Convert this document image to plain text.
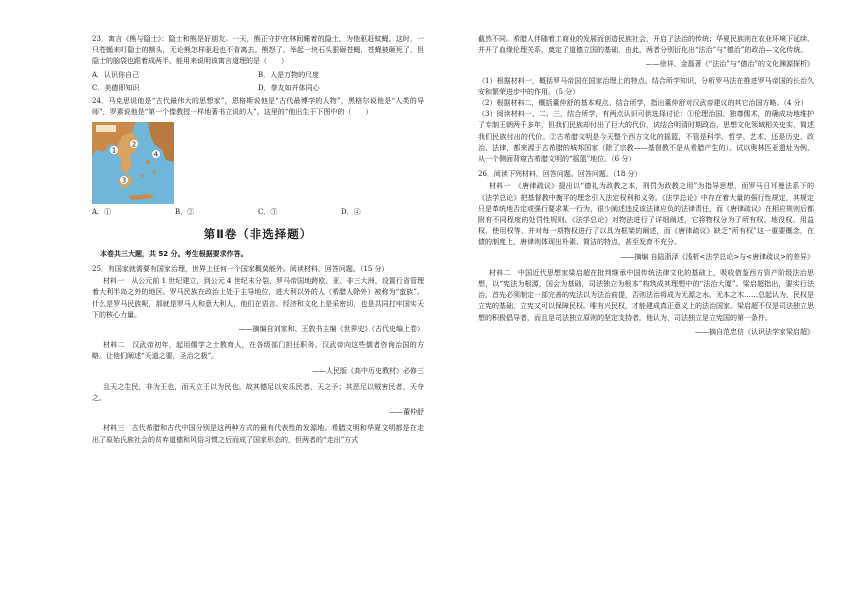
23．寓言《熊与隐士》：隐士和熊是好朋友。一天，熊正守护在林间睡着的隐士，为他驱赶蚊蝇。这时，一只苍蝇来叮隐士的额头，无论熊怎样驱赶也不肯离去。熊怒了，举起一块石头狠砸苍蝇，苍蝇被砸死了，但隐士的脑袋也跟着成两半。能用来说明该寓言道理的是（　　）

A．认识你自己	B．人是万物的尺度
C．美德即知识	D．拳友如并体同心

24．马克思说他是“古代最伟大的思想家”，恩格斯说他是“古代最博学的人物”，黑格尔说他是“人类的导师”，罗素说他是“第一个像教授一样地著书立说的人”。这里的“他出生于下图中的（　　）

1
2
3
4
A．①	B．②	C．③	D．④
第Ⅱ卷（非选择题）
本卷共三大题，共 52 分。考生根据要求作答。

25．有国家就需要有国家治理，世界上任何一个国家概莫能外。阅读材料，回答问题。（15 分）

材料一　从公元前 1 世纪建立，到公元 4 世纪末分裂，罗马帝国地跨欧、亚、非三大洲，设置行省管理着大利半岛之外的地区。罗马民族在政治上处于主导地位，进大利以外的人（希腊人除外）被称为“蛮族”。什么是罗马民族呢，那就是罗马人和意大利人，他们在语言、经济和文化上是采密切，也是共同打牢国实天下的核心力量。

——摘编自刘家和、王敦书主编《世界史》（古代史编上卷）

材料二　汉武帝初年，起用儒学之士教育人，在各级部门担任职务。汉武帝向这些儒者咨询治国的方略。让他们阐述“天道之要，圣治之极”。

——人民版《高中历史教材》必修三

且天之生民，非为王也，而天立王以为民也。故其德足以安乐民者，天之予；其恶足以贼害民者，天夺之。

——董仲舒

材料三　古代希腊和古代中国分别是这两种方式的最有代表性的发源地。希腊文明和华夏文明都是在走出了原始氏族社会的贫弃道德和风俗习惯之后而成了国家形态的，但两者的“走出”方式

截然不同。希腊人伴随着工商业的发展而创造民族社会，开启了法治的传统；华夏民族则在农业环境下延续、并开了血缘伦理关系，奠定了道德立国的基础，由此，两者分别衍化出“法治”与“德治”的政治—文化传统。

——徐祥、金磊著《“法治”与“德治”的文化渊源探析》

（1）根据材料一，概括罗马帝国在国家治理上的特点。结合所学知识，分析罗马法在推进罗马帝国的长治久安和繁荣进步中的作用。（5 分）

（2）根据材料二，概括董仲舒的基本观点。结合所学，指出董仲舒对汉武帝建议的其它治国方略。（4 分）

（3）阅读材料一、二、三，结合所学，有两点认识可供选择讨论：①伦理治国、独尊儒术，的确成功地维护了专制王朝两千多年，但我们民族却付出了巨大的代价，试结合明清时期政治、思想文化领域相关史实，简述我们民族付出的代价。②古希腊文明是今天整个西方文化的摇篮，不管是科学、哲学、艺术、还是历史、政治、法律，都来源于古希腊的城邦国家（除了宗教——基督教不是从希腊产生的）。试以奥林匹亚遗址为例，从一个侧面背窥古希腊文明的“摇篮”地位。（6 分）

26．阅读下列材料，回答问题。回答问题。（18 分）

材料一　《唐律疏议》提出以“德礼为政教之本，刑罚为政教之用”为指导思想，而罗马日耳曼法系下的《法学总论》把基督教中衡平的理念引入法定权利和义务。《法学总论》中存在着大量的强行性规定，其规定只是革统地否定或强行要求某一行为，很少阐述违反该法律应负的法律责任，而《唐律疏议》在相应规则后都附有不同程度的处罚性规则。《法学总论》对物法进行了详细阐述，它将物权分为了所有权、地役权、用益权、使用权等，并对每一项物权进行了以具为框架的阐述，而《唐律疏议》缺乏“所有权”这一重要概念，在债的制度上，唐律则体现出朴素、简洁的特点，甚至发育不充分。

——摘编 自陆浙泽《浅析<法学总论>与<唐律疏议>的差异》

材料二　中国近代思想家梁启超在批判继承中国传统法律文化的基础上，吸收借鉴西方资产阶级法治思想，以“宪法为根源，国会为基础，司法独立为根本”构筑成其理想中的“法治大厦”。梁启超指出，要实行法治，首先必须制定一部完善的宪法以为法治前提，否则法治将成为无源之水、无本之木……总起认为，民权是立宪的基础，立宪又可以保障民权。唯有兴民权，才能建成真正意义上的法治国家。梁启超不仅是司法独立思想的积极倡导者，而且是司法独立原则的坚定支持者。他认为，司法独立是立宪国的第一条件。

——摘自范忠信《认识法学家梁启超》
